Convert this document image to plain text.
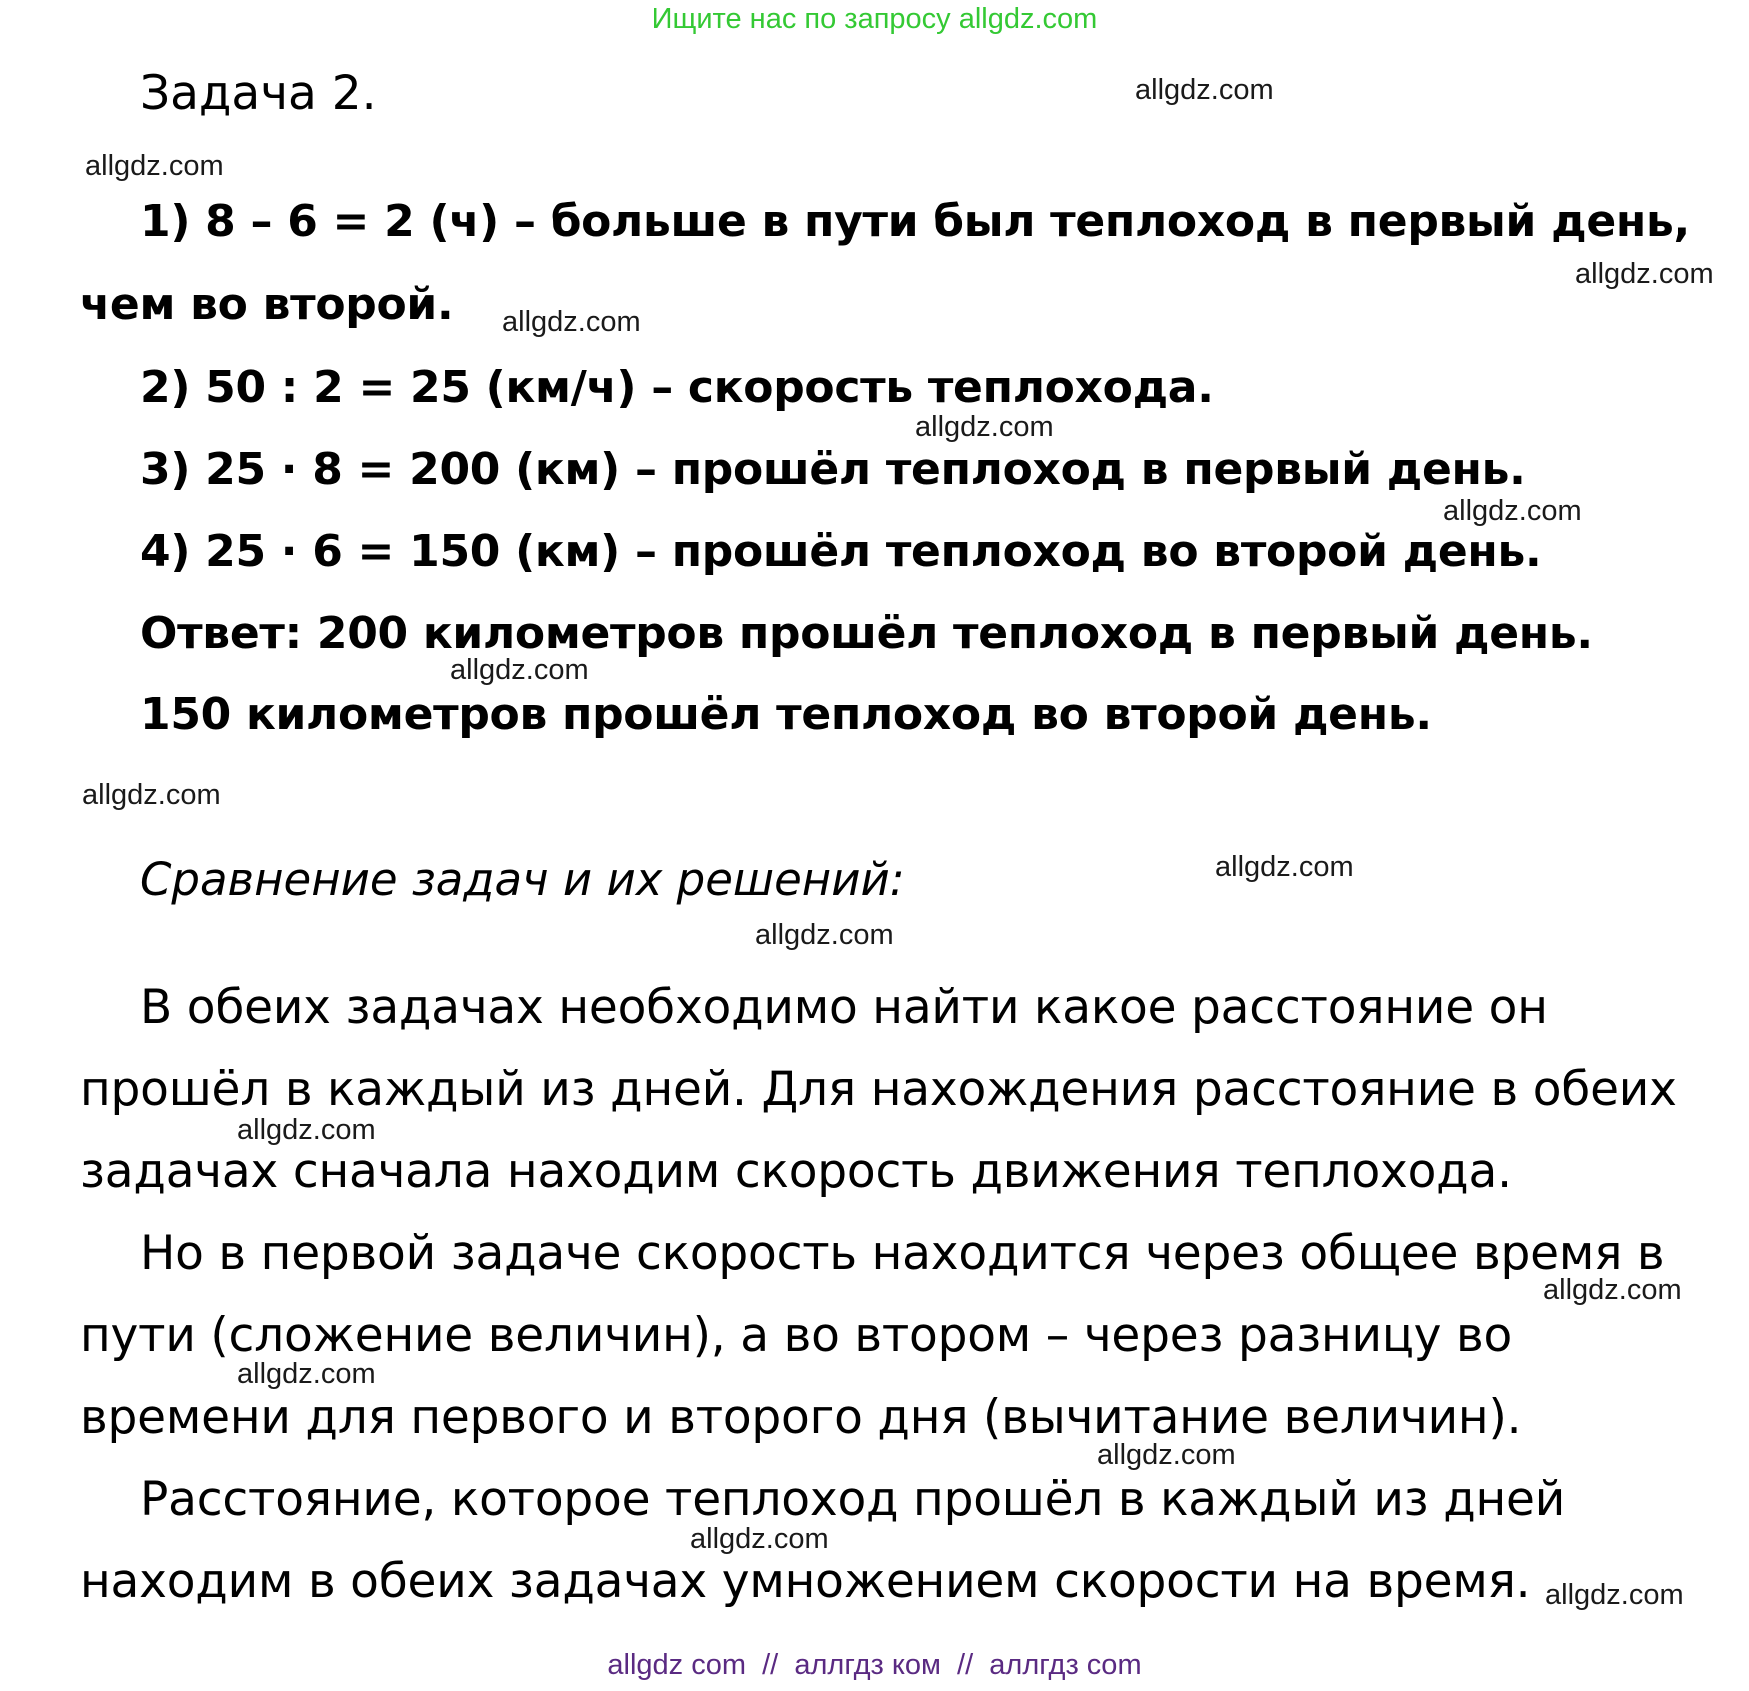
Ищите нас по запросу allgdz.com
Задача 2.
1) 8 – 6 = 2 (ч) – больше в пути был теплоход в первый день,
чем во второй.
2) 50 : 2 = 25 (км/ч) – скорость теплохода.
3) 25 · 8 = 200 (км) – прошёл теплоход в первый день.
4) 25 · 6 = 150 (км) – прошёл теплоход во второй день.
Ответ: 200 километров прошёл теплоход в первый день.
150 километров прошёл теплоход во второй день.
Сравнение задач и их решений:
В обеих задачах необходимо найти какое расстояние он
прошёл в каждый из дней. Для нахождения расстояние в обеих
задачах сначала находим скорость движения теплохода.
Но в первой задаче скорость находится через общее время в
пути (сложение величин), а во втором – через разницу во
времени для первого и второго дня (вычитание величин).
Расстояние, которое теплоход прошёл в каждый из дней
находим в обеих задачах умножением скорости на время.
allgdz.com
allgdz.com
allgdz.com
allgdz.com
allgdz.com
allgdz.com
allgdz.com
allgdz.com
allgdz.com
allgdz.com
allgdz.com
allgdz.com
allgdz.com
allgdz.com
allgdz.com
allgdz.com
allgdz com  //  аллгдз ком  //  аллгдз com
